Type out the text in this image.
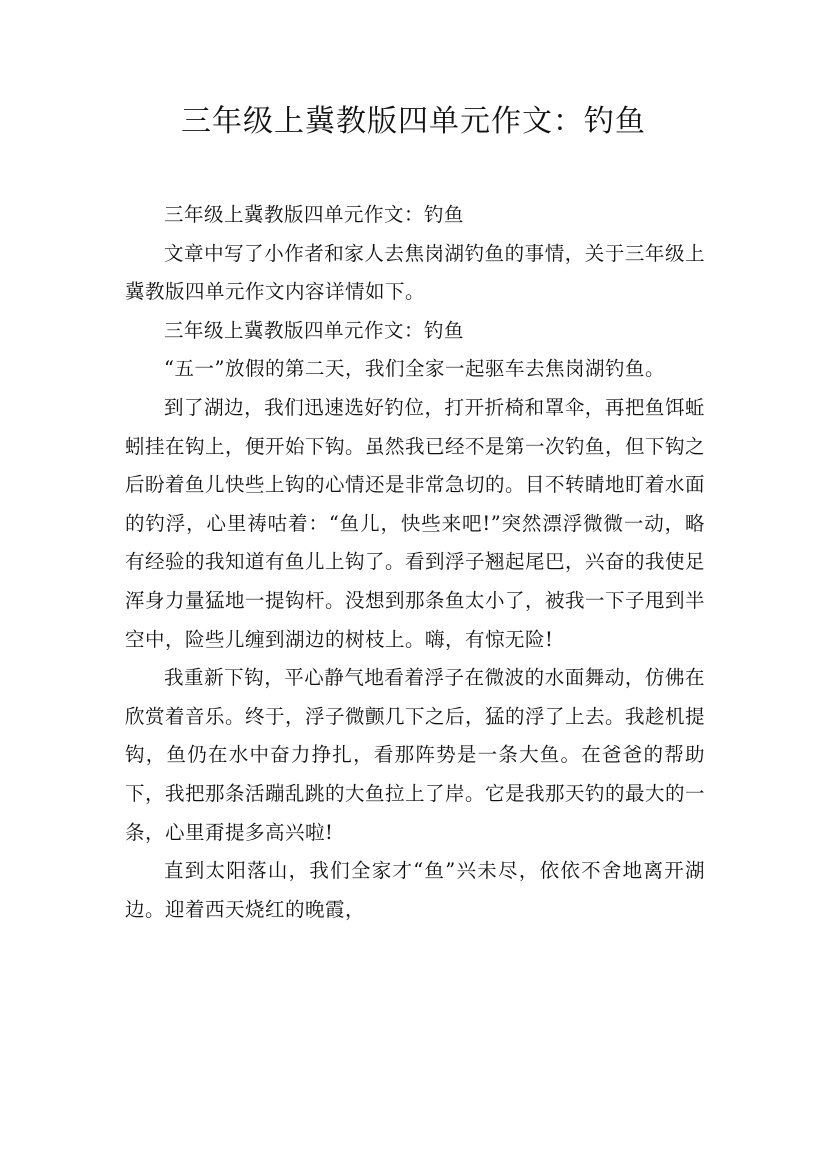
三年级上冀教版四单元作文：钓鱼

三年级上冀教版四单元作文：钓鱼

文章中写了小作者和家人去焦岗湖钓鱼的事情，关于三年级上冀教版四单元作文内容详情如下。

三年级上冀教版四单元作文：钓鱼

“五一”放假的第二天，我们全家一起驱车去焦岗湖钓鱼。

到了湖边，我们迅速选好钓位，打开折椅和罩伞，再把鱼饵蚯蚓挂在钩上，便开始下钩。虽然我已经不是第一次钓鱼，但下钩之后盼着鱼儿快些上钩的心情还是非常急切的。目不转睛地盯着水面的钓浮，心里祷咕着：“鱼儿，快些来吧!”突然漂浮微微一动，略有经验的我知道有鱼儿上钩了。看到浮子翘起尾巴，兴奋的我使足浑身力量猛地一提钩杆。没想到那条鱼太小了，被我一下子甩到半空中，险些儿缠到湖边的树枝上。嗨，有惊无险!

我重新下钩，平心静气地看着浮子在微波的水面舞动，仿佛在欣赏着音乐。终于，浮子微颤几下之后，猛的浮了上去。我趁机提钩，鱼仍在水中奋力挣扎，看那阵势是一条大鱼。在爸爸的帮助下，我把那条活蹦乱跳的大鱼拉上了岸。它是我那天钓的最大的一条，心里甭提多高兴啦!

直到太阳落山，我们全家才“鱼”兴未尽，依依不舍地离开湖边。迎着西天烧红的晚霞，
